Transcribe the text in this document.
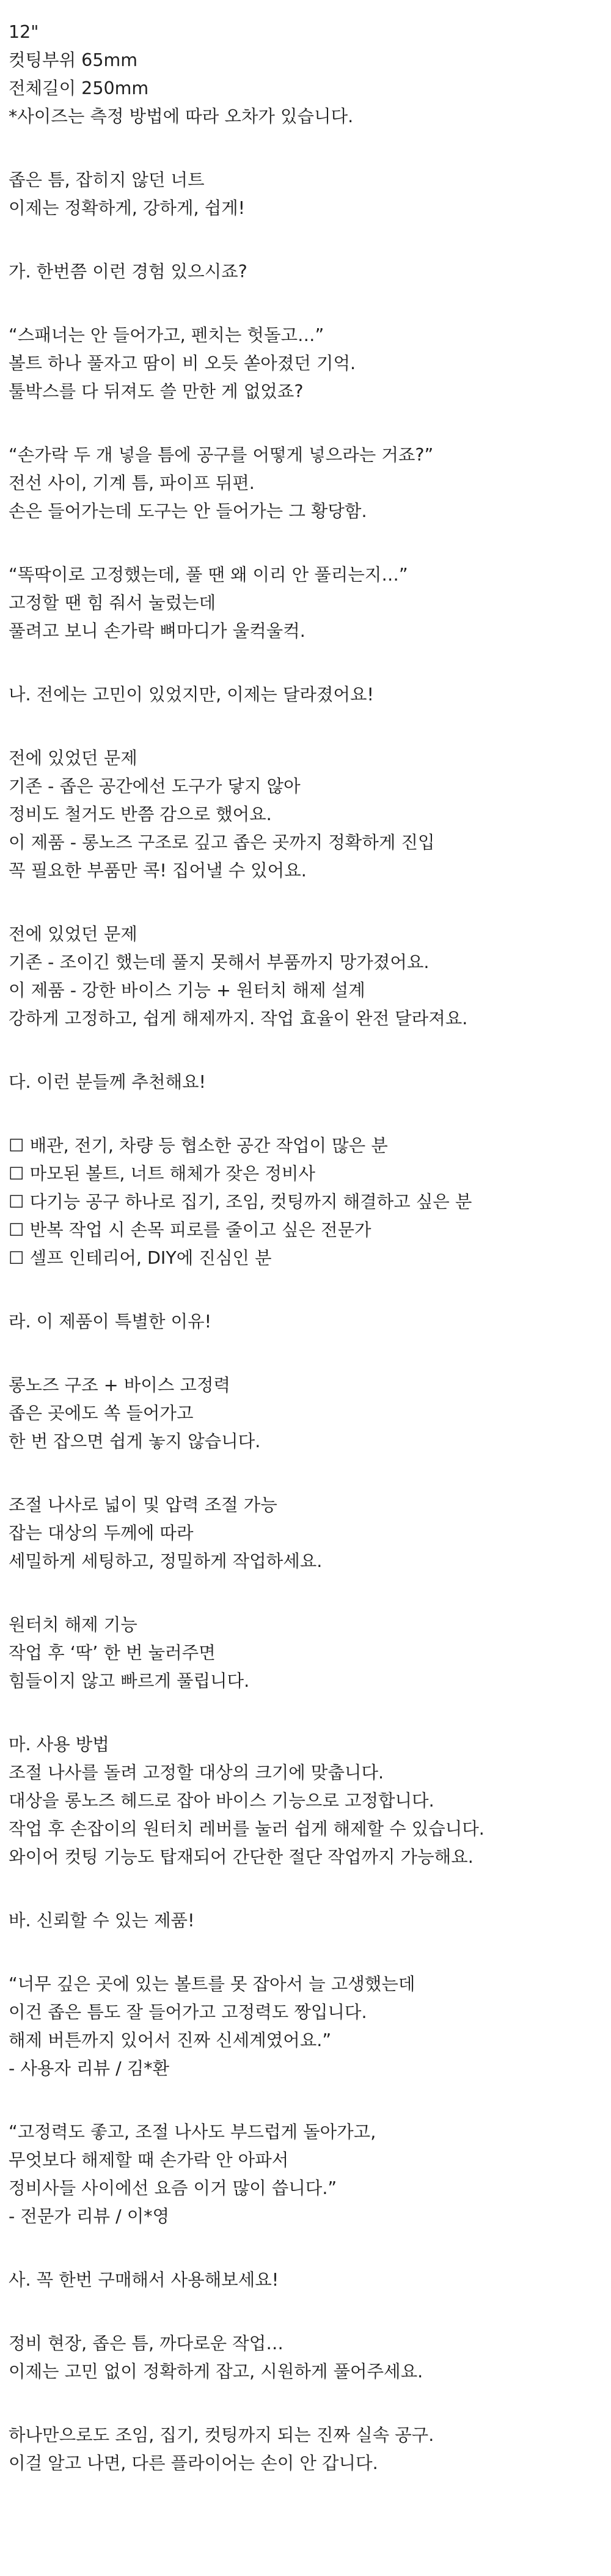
12"
컷팅부위 65mm
전체길이 250mm
*사이즈는 측정 방법에 따라 오차가 있습니다.
좁은 틈, 잡히지 않던 너트
이제는 정확하게, 강하게, 쉽게!
가. 한번쯤 이런 경험 있으시죠?
“스패너는 안 들어가고, 펜치는 헛돌고…”
볼트 하나 풀자고 땀이 비 오듯 쏟아졌던 기억.
툴박스를 다 뒤져도 쓸 만한 게 없었죠?
“손가락 두 개 넣을 틈에 공구를 어떻게 넣으라는 거죠?”
전선 사이, 기계 틈, 파이프 뒤편.
손은 들어가는데 도구는 안 들어가는 그 황당함.
“똑딱이로 고정했는데, 풀 땐 왜 이리 안 풀리는지…”
고정할 땐 힘 줘서 눌렀는데
풀려고 보니 손가락 뼈마디가 울컥울컥.
나. 전에는 고민이 있었지만, 이제는 달라졌어요!
전에 있었던 문제
기존 - 좁은 공간에선 도구가 닿지 않아
정비도 철거도 반쯤 감으로 했어요.
이 제품 - 롱노즈 구조로 깊고 좁은 곳까지 정확하게 진입
꼭 필요한 부품만 콕! 집어낼 수 있어요.
전에 있었던 문제
기존 - 조이긴 했는데 풀지 못해서 부품까지 망가졌어요.
이 제품 - 강한 바이스 기능 + 원터치 해제 설계
강하게 고정하고, 쉽게 해제까지. 작업 효율이 완전 달라져요.
다. 이런 분들께 추천해요!
☐ 배관, 전기, 차량 등 협소한 공간 작업이 많은 분
☐ 마모된 볼트, 너트 해체가 잦은 정비사
☐ 다기능 공구 하나로 집기, 조임, 컷팅까지 해결하고 싶은 분
☐ 반복 작업 시 손목 피로를 줄이고 싶은 전문가
☐ 셀프 인테리어, DIY에 진심인 분
라. 이 제품이 특별한 이유!
롱노즈 구조 + 바이스 고정력
좁은 곳에도 쏙 들어가고
한 번 잡으면 쉽게 놓지 않습니다.
조절 나사로 넓이 및 압력 조절 가능
잡는 대상의 두께에 따라
세밀하게 세팅하고, 정밀하게 작업하세요.
원터치 해제 기능
작업 후 ‘딱’ 한 번 눌러주면
힘들이지 않고 빠르게 풀립니다.
마. 사용 방법
조절 나사를 돌려 고정할 대상의 크기에 맞춥니다.
대상을 롱노즈 헤드로 잡아 바이스 기능으로 고정합니다.
작업 후 손잡이의 원터치 레버를 눌러 쉽게 해제할 수 있습니다.
와이어 컷팅 기능도 탑재되어 간단한 절단 작업까지 가능해요.
바. 신뢰할 수 있는 제품!
“너무 깊은 곳에 있는 볼트를 못 잡아서 늘 고생했는데
이건 좁은 틈도 잘 들어가고 고정력도 짱입니다.
해제 버튼까지 있어서 진짜 신세계였어요.”
- 사용자 리뷰 / 김*환
“고정력도 좋고, 조절 나사도 부드럽게 돌아가고,
무엇보다 해제할 때 손가락 안 아파서
정비사들 사이에선 요즘 이거 많이 씁니다.”
- 전문가 리뷰 / 이*영
사. 꼭 한번 구매해서 사용해보세요!
정비 현장, 좁은 틈, 까다로운 작업…
이제는 고민 없이 정확하게 잡고, 시원하게 풀어주세요.
하나만으로도 조임, 집기, 컷팅까지 되는 진짜 실속 공구.
이걸 알고 나면, 다른 플라이어는 손이 안 갑니다.
